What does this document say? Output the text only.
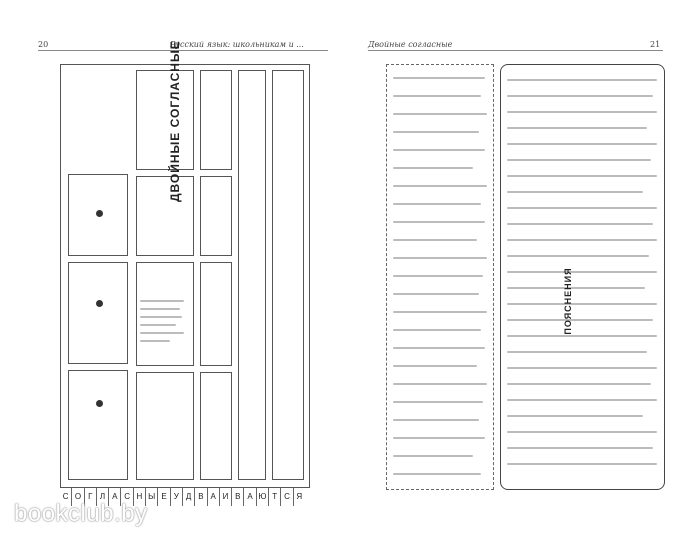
20	Русский язык: школьникам и ...
ДВОЙНЫЕ СОГЛАСНЫЕ
С О Г Л А С Н Ы Е У Д В А И В А Ю Т С Я
Двойные согласные	21
ПОЯСНЕНИЯ
bookclub.by
